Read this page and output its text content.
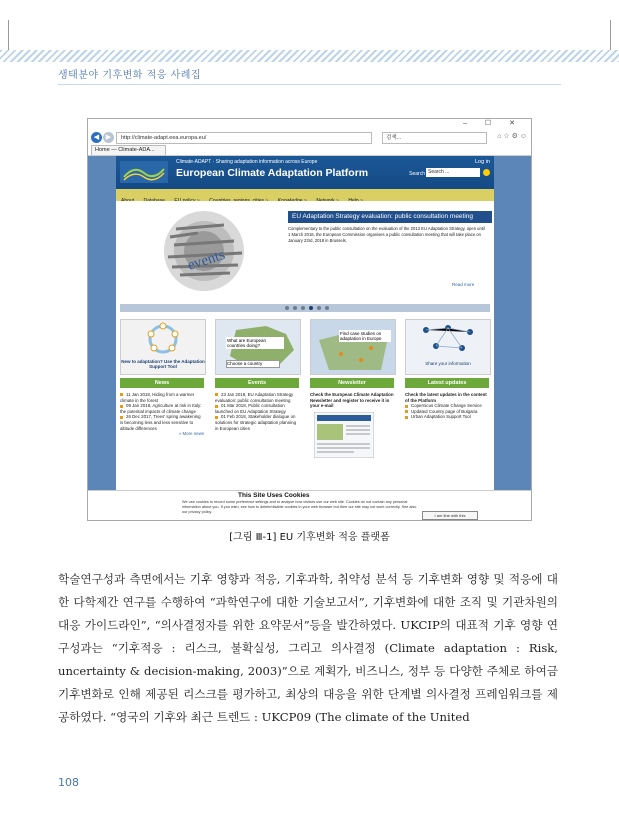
생태분야 기후변화 적응 사례집
– ☐ ✕
◀ ▶	http://climate-adapt.eea.europa.eu/	검색...	⌂ ☆ ⚙ ☺
Home — Climate-ADA...
Climate-ADAPT · Sharing adaptation information across Europe
European Climate Adaptation Platform
Log in
Search Search ...

events
EU Adaptation Strategy evaluation: public consultation meeting
Complementary to the public consultation on the evaluation of the 2013 EU Adaptation Strategy, open until 1 March 2018, the European Commission organises a public consultation meeting that will take place on January 23rd, 2018 in Brussels.
Read more
New to adaptation? Use the Adaptation Support Tool
What are European countries doing?
Choose a country
Find case studies on adaptation in Europe
Share your information
News
11 Jan 2018, Hiding from a warmer climate in the forest
09 Jan 2018, Agriculture at risk in Italy: the potential impacts of climate change
26 Dec 2017, Trees' spring awakening is becoming less and less sensitive to altitude differences
» More news
Events
23 Jan 2018, EU Adaptation Strategy evaluation: public consultation meeting
01 Mar 2018, Public consultation launched on EU Adaptation Strategy
01 Feb 2018, Stakeholder dialogue on solutions for strategic adaptation planning in European cities
Newsletter
Check the European Climate Adaptation Newsletter and register to receive it in your e-mail
Latest updates
Check the latest updates in the content of the Platform
Copernicus Climate Change Service
Updated Country page of Bulgaria
Urban Adaptation Support Tool
This Site Uses Cookies
We use cookies to record some preference settings and to analyse how visitors use our web site. Cookies do not contain any personal information about you. If you wish, see how to delete/disable cookies in your web browser but then our site may not work correctly. See also our privacy policy.
I am fine with this
[그림 Ⅲ-1] EU 기후변화 적응 플랫폼
학술연구성과 측면에서는 기후 영향과 적응, 기후과학, 취약성 분석 등 기후변화 영향 및 적응에 대한 다학제간 연구를 수행하여 “과학연구에 대한 기술보고서”, 기후변화에 대한 조직 및 기관차원의 대응 가이드라인”, “의사결정자를 위한 요약문서”등을 발간하였다. UKCIP의 대표적 기후 영향 연구성과는 “기후적응 : 리스크, 불확실성, 그리고 의사결정 (Climate adaptation : Risk, uncertainty & decision-making, 2003)”으로 계획가, 비즈니스, 정부 등 다양한 주체로 하여금 기후변화로 인해 제공된 리스크를 평가하고, 최상의 대응을 위한 단계별 의사결정 프레임워크를 제공하였다. “영국의 기후와 최근 트렌드 : UKCP09 (The climate of the United
108
